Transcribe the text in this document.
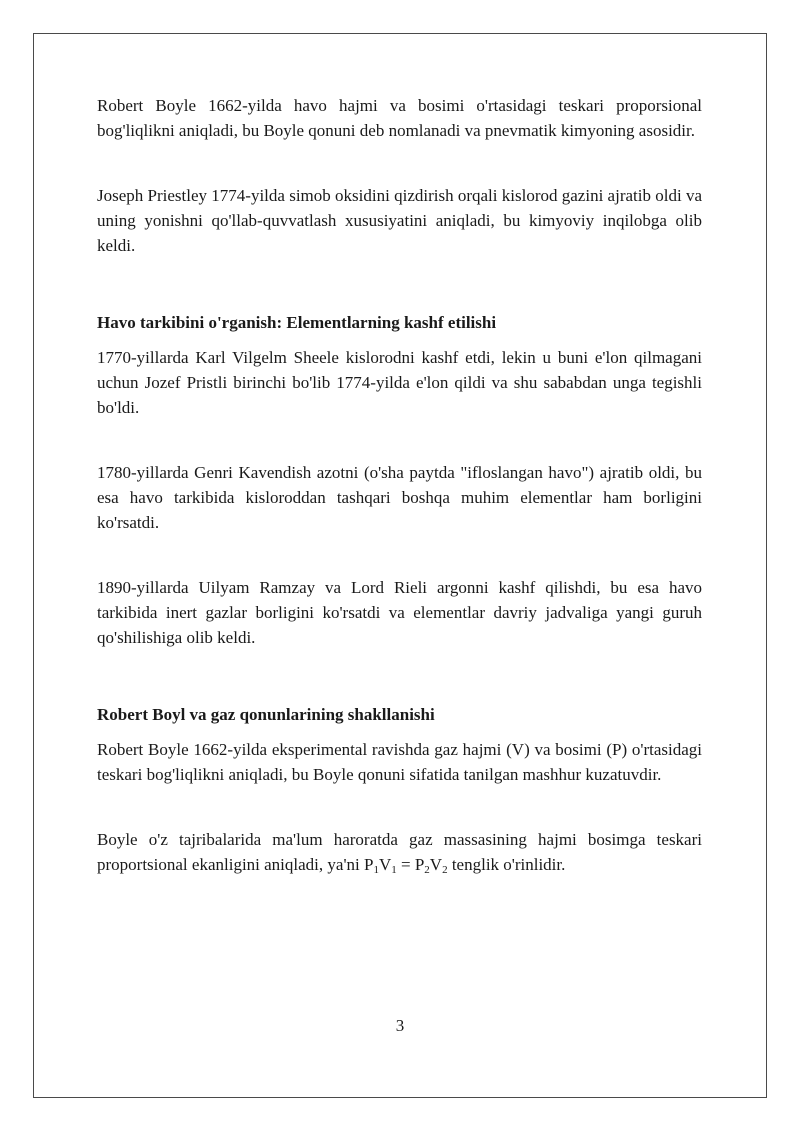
Robert Boyle 1662-yilda havo hajmi va bosimi o'rtasidagi teskari proporsional bog'liqlikni aniqladi, bu Boyle qonuni deb nomlanadi va pnevmatik kimyoning asosidir.

Joseph Priestley 1774-yilda simob oksidini qizdirish orqali kislorod gazini ajratib oldi va uning yonishni qo'llab-quvvatlash xususiyatini aniqladi, bu kimyoviy inqilobga olib keldi.

Havo tarkibini o'rganish: Elementlarning kashf etilishi

1770-yillarda Karl Vilgelm Sheele kislorodni kashf etdi, lekin u buni e'lon qilmagani uchun Jozef Pristli birinchi bo'lib 1774-yilda e'lon qildi va shu sababdan unga tegishli bo'ldi.

1780-yillarda Genri Kavendish azotni (o'sha paytda "ifloslangan havo") ajratib oldi, bu esa havo tarkibida kisloroddan tashqari boshqa muhim elementlar ham borligini ko'rsatdi.

1890-yillarda Uilyam Ramzay va Lord Rieli argonni kashf qilishdi, bu esa havo tarkibida inert gazlar borligini ko'rsatdi va elementlar davriy jadvaliga yangi guruh qo'shilishiga olib keldi.

Robert Boyl va gaz qonunlarining shakllanishi

Robert Boyle 1662-yilda eksperimental ravishda gaz hajmi (V) va bosimi (P) o'rtasidagi teskari bog'liqlikni aniqladi, bu Boyle qonuni sifatida tanilgan mashhur kuzatuvdir.

Boyle o'z tajribalarida ma'lum haroratda gaz massasining hajmi bosimga teskari proportsional ekanligini aniqladi, ya'ni $P_1V_1 = P_2V_2$ tenglik o'rinlidir.

3
